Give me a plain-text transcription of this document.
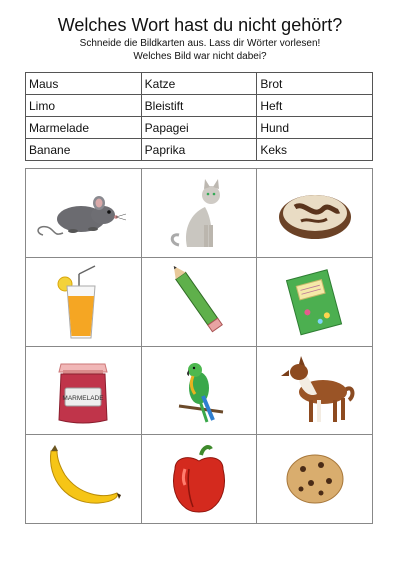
Welches Wort hast du nicht gehört?
Schneide die Bildkarten aus. Lass dir Wörter vorlesen!
Welches Bild war nicht dabei?
Maus	Katze	Brot
Limo	Bleistift	Heft
Marmelade	Papagei	Hund
Banane	Paprika	Keks
MARMELADE
